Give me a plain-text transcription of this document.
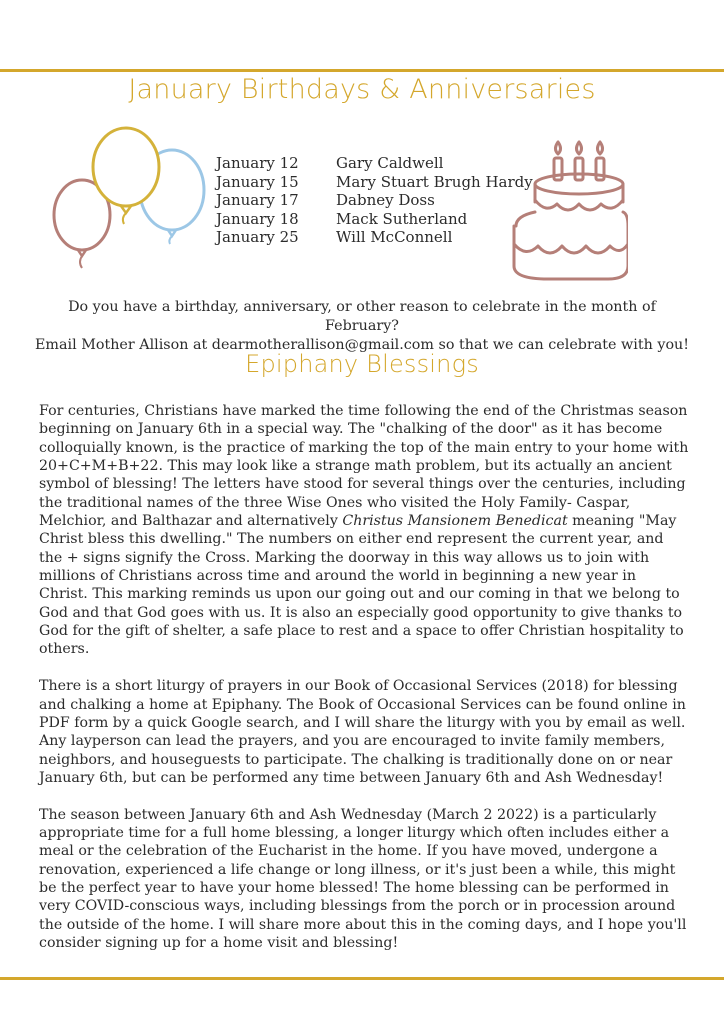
January Birthdays & Anniversaries
January 12 Gary Caldwell
January 15 Mary Stuart Brugh Hardy
January 17 Dabney Doss
January 18 Mack Sutherland
January 25 Will McConnell
Do you have a birthday, anniversary, or other reason to celebrate in the month of February?
Email Mother Allison at dearmotherallison@gmail.com so that we can celebrate with you!
Epiphany Blessings

For centuries, Christians have marked the time following the end of the Christmas season beginning on January 6th in a special way. The "chalking of the door" as it has become colloquially known, is the practice of marking the top of the main entry to your home with 20+C+M+B+22. This may look like a strange math problem, but its actually an ancient symbol of blessing! The letters have stood for several things over the centuries, including the traditional names of the three Wise Ones who visited the Holy Family- Caspar, Melchior, and Balthazar and alternatively Christus Mansionem Benedicat meaning "May Christ bless this dwelling." The numbers on either end represent the current year, and the + signs signify the Cross. Marking the doorway in this way allows us to join with millions of Christians across time and around the world in beginning a new year in Christ. This marking reminds us upon our going out and our coming in that we belong to God and that God goes with us. It is also an especially good opportunity to give thanks to God for the gift of shelter, a safe place to rest and a space to offer Christian hospitality to others.

There is a short liturgy of prayers in our Book of Occasional Services (2018) for blessing and chalking a home at Epiphany. The Book of Occasional Services can be found online in PDF form by a quick Google search, and I will share the liturgy with you by email as well. Any layperson can lead the prayers, and you are encouraged to invite family members, neighbors, and houseguests to participate. The chalking is traditionally done on or near January 6th, but can be performed any time between January 6th and Ash Wednesday!

The season between January 6th and Ash Wednesday (March 2 2022) is a particularly appropriate time for a full home blessing, a longer liturgy which often includes either a meal or the celebration of the Eucharist in the home. If you have moved, undergone a renovation, experienced a life change or long illness, or it's just been a while, this might be the perfect year to have your home blessed! The home blessing can be performed in very COVID-conscious ways, including blessings from the porch or in procession around the outside of the home. I will share more about this in the coming days, and I hope you'll consider signing up for a home visit and blessing!
